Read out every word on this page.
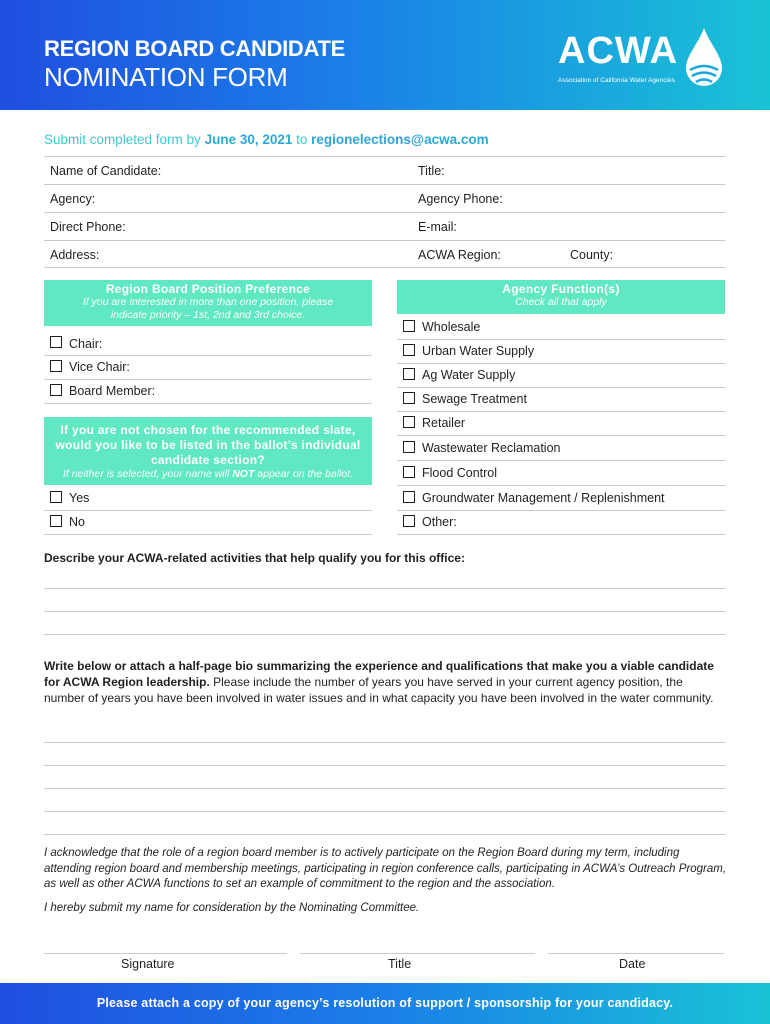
REGION BOARD CANDIDATE
NOMINATION FORM
ACWA
Association of California Water Agencies
Submit completed form by June 30, 2021 to regionelections@acwa.com
Name of Candidate:	Title:
Agency:	Agency Phone:
Direct Phone:	E-mail:
Address:	ACWA Region:	County:
Region Board Position Preference
If you are interested in more than one position, please
indicate priority – 1st, 2nd and 3rd choice.
Chair:
Vice Chair:
Board Member:
If you are not chosen for the recommended slate,
would you like to be listed in the ballot’s individual
candidate section?
If neither is selected, your name will NOT appear on the ballot.
Yes
No
Agency Function(s)
Check all that apply
Wholesale
Urban Water Supply
Ag Water Supply
Sewage Treatment
Retailer
Wastewater Reclamation
Flood Control
Groundwater Management / Replenishment
Other:
Describe your ACWA-related activities that help qualify you for this office:
Write below or attach a half-page bio summarizing the experience and qualifications that make you a viable candidate for ACWA Region leadership. Please include the number of years you have served in your current agency position, the number of years you have been involved in water issues and in what capacity you have been involved in the water community.
I acknowledge that the role of a region board member is to actively participate on the Region Board during my term, including attending region board and membership meetings, participating in region conference calls, participating in ACWA’s Outreach Program, as well as other ACWA functions to set an example of commitment to the region and the association.
I hereby submit my name for consideration by the Nominating Committee.
Signature	Title	Date
Please attach a copy of your agency’s resolution of support / sponsorship for your candidacy.
